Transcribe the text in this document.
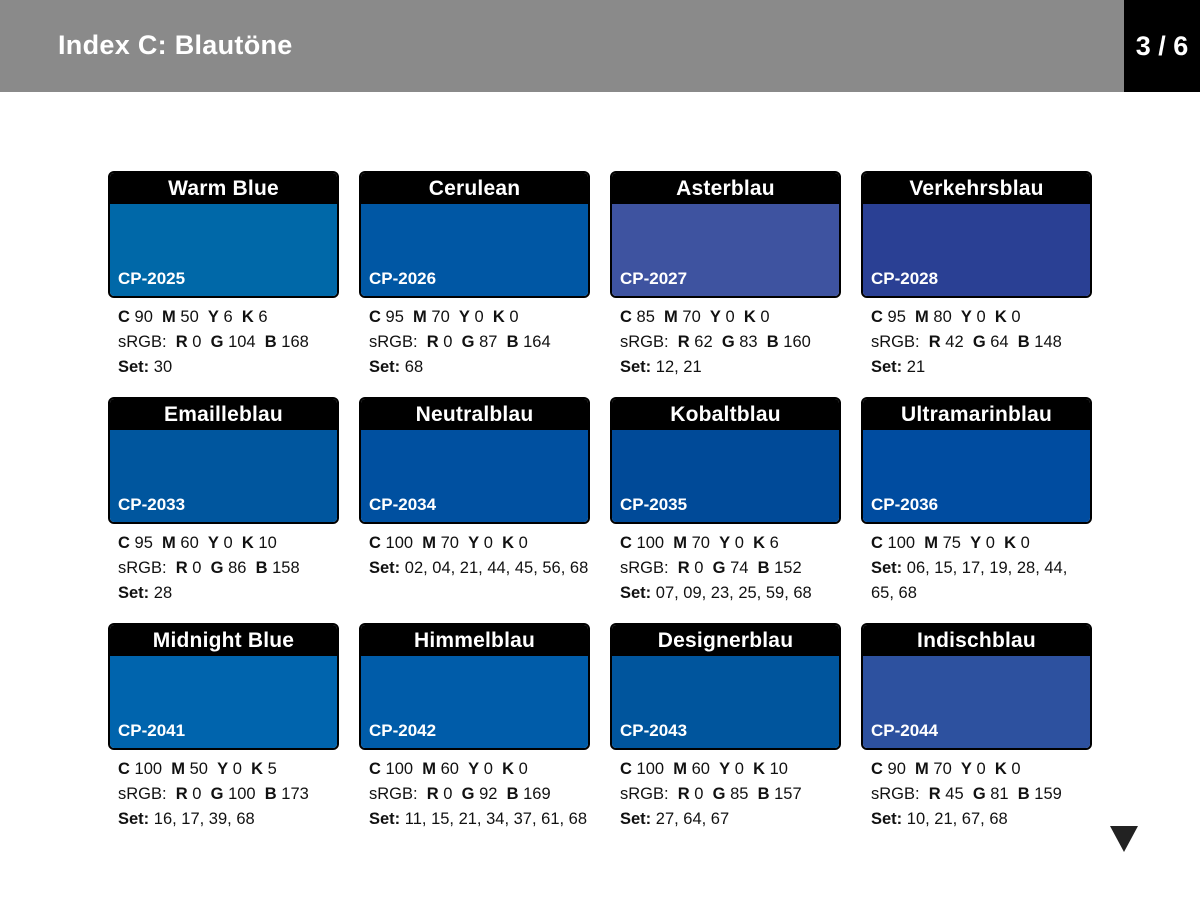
Index C: Blautöne	3 / 6
Warm Blue
CP-2025
C 90 M 50 Y 6 K 6
sRGB: R 0 G 104 B 168
Set: 30
Cerulean
CP-2026
C 95 M 70 Y 0 K 0
sRGB: R 0 G 87 B 164
Set: 68
Asterblau
CP-2027
C 85 M 70 Y 0 K 0
sRGB: R 62 G 83 B 160
Set: 12, 21
Verkehrsblau
CP-2028
C 95 M 80 Y 0 K 0
sRGB: R 42 G 64 B 148
Set: 21
Emailleblau
CP-2033
C 95 M 60 Y 0 K 10
sRGB: R 0 G 86 B 158
Set: 28
Neutralblau
CP-2034
C 100 M 70 Y 0 K 0
Set: 02, 04, 21, 44, 45, 56, 68
Kobaltblau
CP-2035
C 100 M 70 Y 0 K 6
sRGB: R 0 G 74 B 152
Set: 07, 09, 23, 25, 59, 68
Ultramarinblau
CP-2036
C 100 M 75 Y 0 K 0
Set: 06, 15, 17, 19, 28, 44, 65, 68
Midnight Blue
CP-2041
C 100 M 50 Y 0 K 5
sRGB: R 0 G 100 B 173
Set: 16, 17, 39, 68
Himmelblau
CP-2042
C 100 M 60 Y 0 K 0
sRGB: R 0 G 92 B 169
Set: 11, 15, 21, 34, 37, 61, 68
Designerblau
CP-2043
C 100 M 60 Y 0 K 10
sRGB: R 0 G 85 B 157
Set: 27, 64, 67
Indischblau
CP-2044
C 90 M 70 Y 0 K 0
sRGB: R 45 G 81 B 159
Set: 10, 21, 67, 68
